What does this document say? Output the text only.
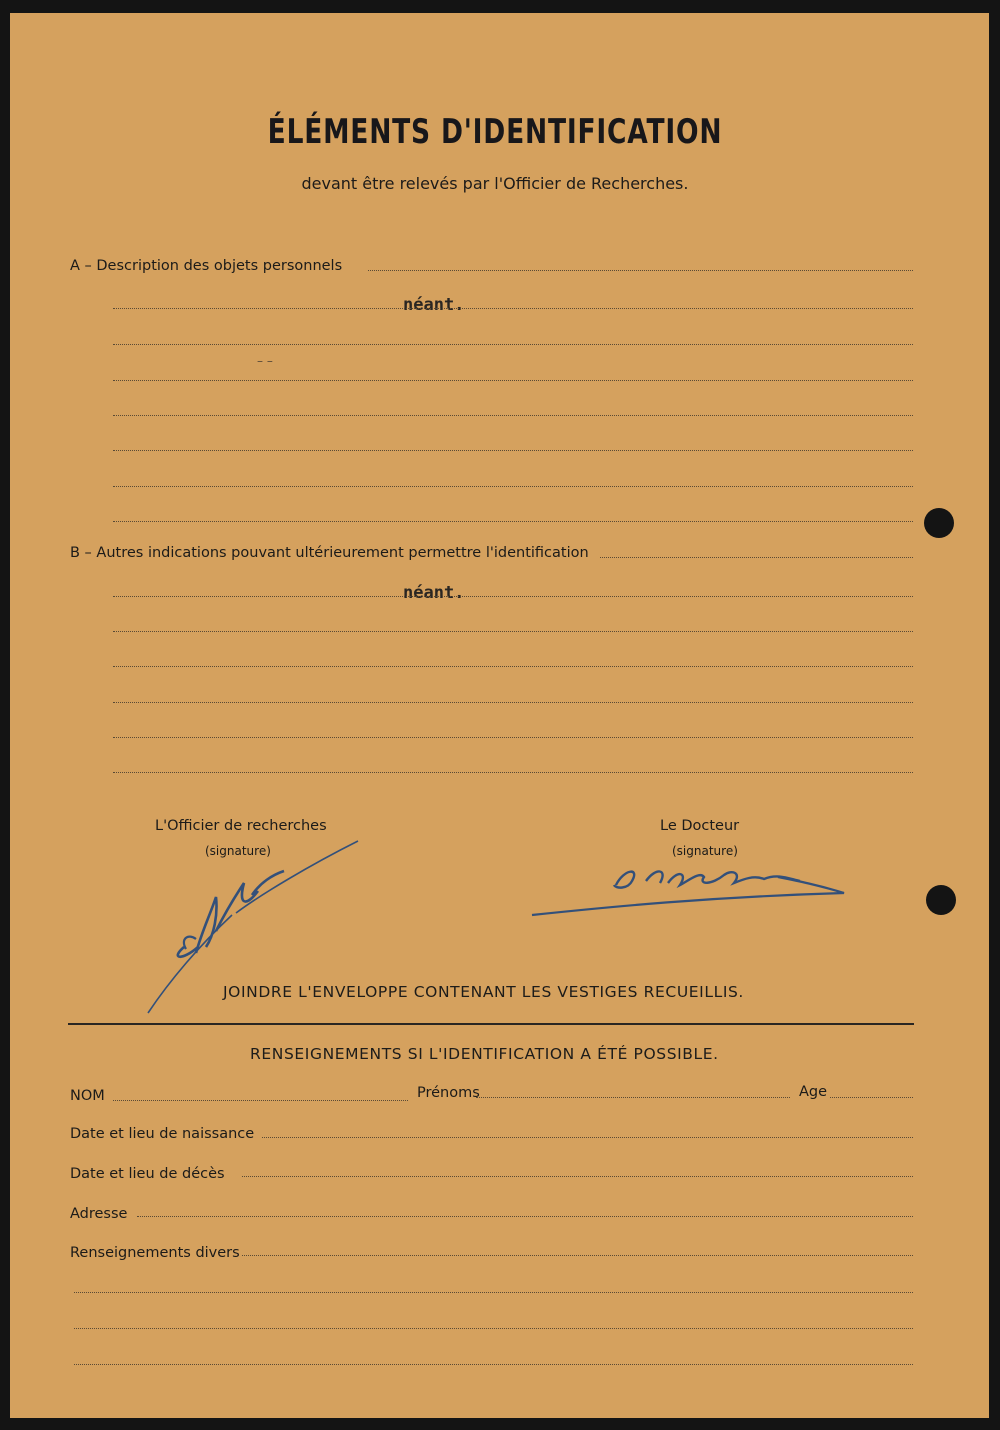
ÉLÉMENTS D'IDENTIFICATION
devant être relevés par l'Officier de Recherches.
A – Description des objets personnels
néant.
– –
B – Autres indications pouvant ultérieurement permettre l'identification
néant.
L'Officier de recherches
(signature)
Le Docteur
(signature)
JOINDRE L'ENVELOPPE CONTENANT LES VESTIGES RECUEILLIS.
RENSEIGNEMENTS SI L'IDENTIFICATION A ÉTÉ POSSIBLE.
NOM	Prénoms	Age
Date et lieu de naissance
Date et lieu de décès
Adresse
Renseignements divers
